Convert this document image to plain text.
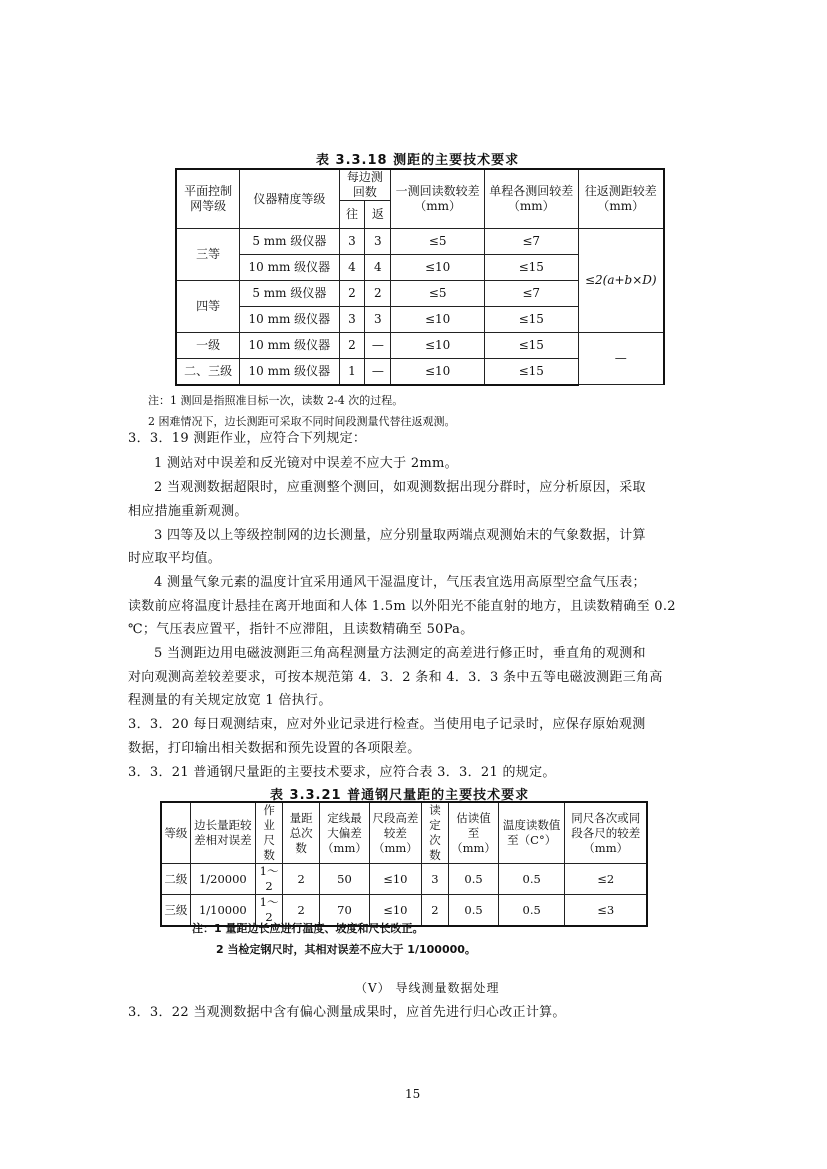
表 3.3.18 测距的主要技术要求
平面控制网等级	仪器精度等级	每边测回数		一测回读数较差（mm）	单程各测回较差（mm）	往返测距较差（mm）
		往	返			
三等	5 mm 级仪器	3	3	≤5	≤7	≤2(a+b×D)
	10 mm 级仪器	4	4	≤10	≤15	
四等	5 mm 级仪器	2	2	≤5	≤7	
	10 mm 级仪器	3	3	≤10	≤15	
一级	10 mm 级仪器	2	—	≤10	≤15	—
二、三级	10 mm 级仪器	1	—	≤10	≤15	
注：1 测回是指照准目标一次，读数 2-4 次的过程。
2 困难情况下，边长测距可采取不同时间段测量代替往返观测。
3．3．19 测距作业，应符合下列规定：
1 测站对中误差和反光镜对中误差不应大于 2mm。
2 当观测数据超限时，应重测整个测回，如观测数据出现分群时，应分析原因，采取
相应措施重新观测。
3 四等及以上等级控制网的边长测量，应分别量取两端点观测始末的气象数据，计算
时应取平均值。
4 测量气象元素的温度计宜采用通风干湿温度计，气压表宜选用高原型空盒气压表；
读数前应将温度计悬挂在离开地面和人体 1.5m 以外阳光不能直射的地方，且读数精确至 0.2
℃；气压表应置平，指针不应滞阻，且读数精确至 50Pa。
5 当测距边用电磁波测距三角高程测量方法测定的高差进行修正时，垂直角的观测和
对向观测高差较差要求，可按本规范第 4．3．2 条和 4．3．3 条中五等电磁波测距三角高
程测量的有关规定放宽 1 倍执行。
3．3．20 每日观测结束，应对外业记录进行检查。当使用电子记录时，应保存原始观测
数据，打印输出相关数据和预先设置的各项限差。
3．3．21 普通钢尺量距的主要技术要求，应符合表 3．3．21 的规定。
表 3.3.21 普通钢尺量距的主要技术要求
等级	边长量距较差相对误差	作业尺数	量距总次数	定线最大偏差（mm）	尺段高差较差（mm）	读定次数	估读值至（mm）	温度读数值至（C°）	同尺各次或同段各尺的较差（mm）
二级	1/20000	1～2	2	50	≤10	3	0.5	0.5	≤2
三级	1/10000	1～2	2	70	≤10	2	0.5	0.5	≤3
注：1 量距边长应进行温度、坡度和尺长改正。
2 当检定钢尺时，其相对误差不应大于 1/100000。
（Ⅴ） 导线测量数据处理
3．3．22 当观测数据中含有偏心测量成果时，应首先进行归心改正计算。
15
